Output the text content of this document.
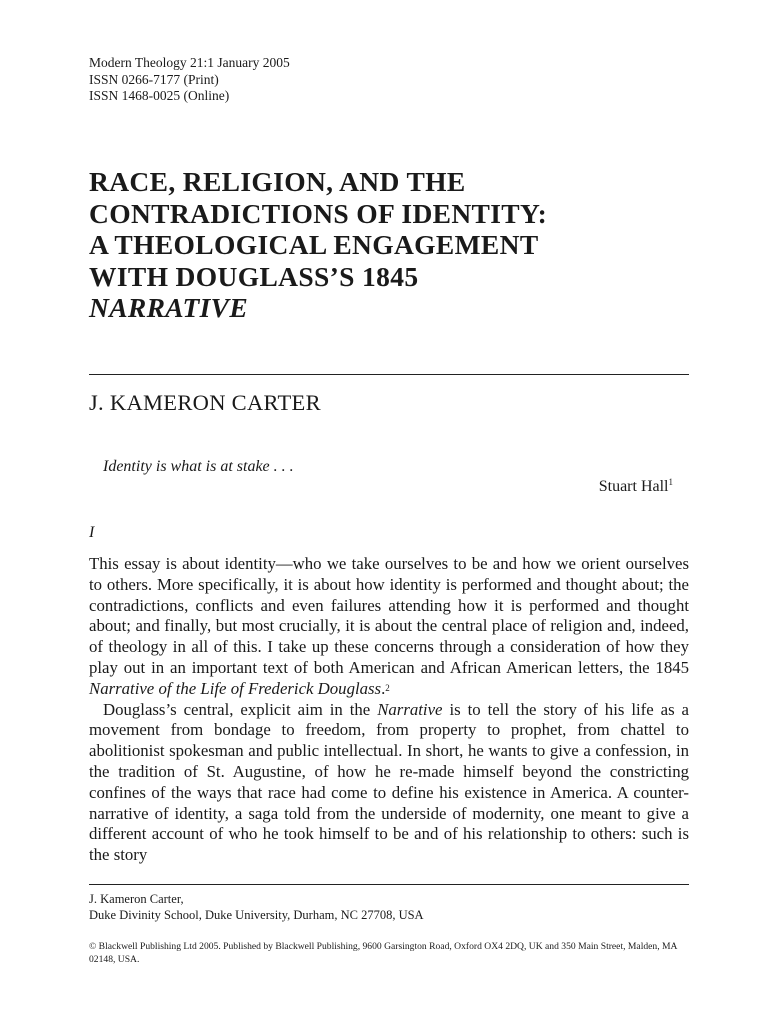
Modern Theology 21:1 January 2005
ISSN 0266-7177 (Print)
ISSN 1468-0025 (Online)
RACE, RELIGION, AND THE
CONTRADICTIONS OF IDENTITY:
A THEOLOGICAL ENGAGEMENT
WITH DOUGLASS’S 1845
NARRATIVE
J. KAMERON CARTER
Identity is what is at stake . . .
Stuart Hall$^1$
I

This essay is about identity—who we take ourselves to be and how we orient ourselves to others. More specifically, it is about how identity is performed and thought about; the contradictions, conflicts and even failures attending how it is performed and thought about; and finally, but most crucially, it is about the central place of religion and, indeed, of theology in all of this. I take up these concerns through a consideration of how they play out in an important text of both American and African American letters, the 1845 Narrative of the Life of Frederick Douglass.$^2$

Douglass’s central, explicit aim in the Narrative is to tell the story of his life as a movement from bondage to freedom, from property to prophet, from chattel to abolitionist spokesman and public intellectual. In short, he wants to give a confession, in the tradition of St. Augustine, of how he re-made himself beyond the constricting confines of the ways that race had come to define his existence in America. A counter-narrative of identity, a saga told from the underside of modernity, one meant to give a different account of who he took himself to be and of his relationship to others: such is the story

J. Kameron Carter,
Duke Divinity School, Duke University, Durham, NC 27708, USA
© Blackwell Publishing Ltd 2005. Published by Blackwell Publishing, 9600 Garsington Road, Oxford OX4 2DQ, UK and 350 Main Street, Malden, MA 02148, USA.
